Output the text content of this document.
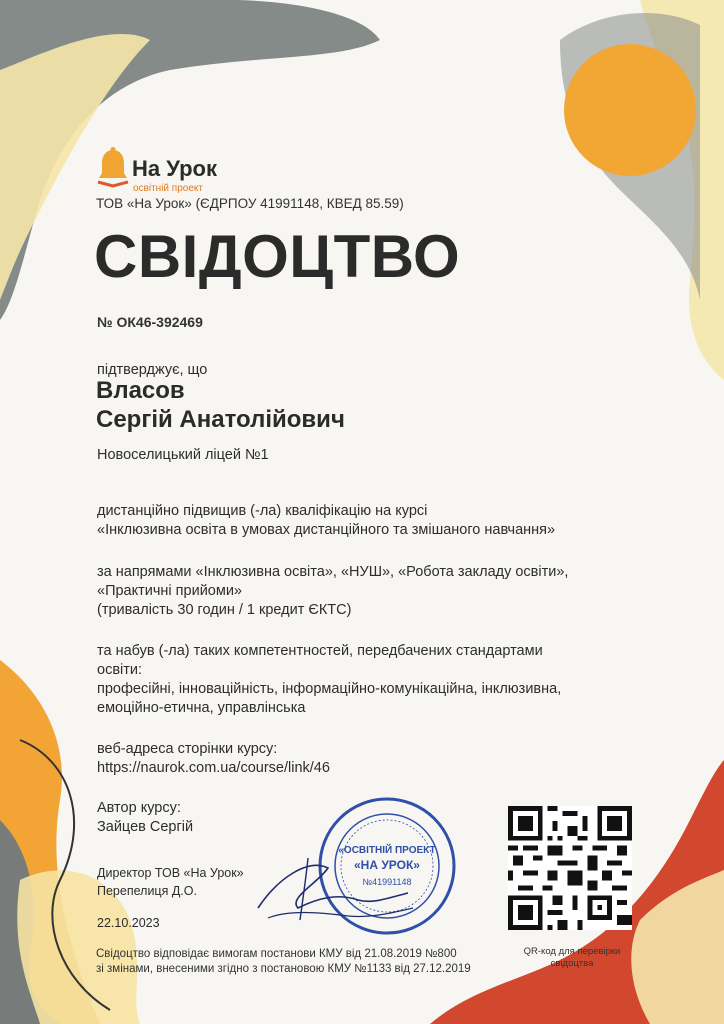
На Урок
освітній проект
ТОВ «На Урок» (ЄДРПОУ 41991148, КВЕД 85.59)
СВІДОЦТВО
№ ОК46-392469
підтверджує, що
Власов
Сергій Анатолійович
Новоселицький ліцей №1
дистанційно підвищив (-ла) кваліфікацію на курсі
«Інклюзивна освіта в умовах дистанційного та змішаного навчання»
за напрямами «Інклюзивна освіта», «НУШ», «Робота закладу освіти»,
«Практичні прийоми»
(тривалість 30 годин / 1 кредит ЄКТС)
та набув (-ла) таких компетентностей, передбачених стандартами
освіти:
професійні, інноваційність, інформаційно-комунікаційна, інклюзивна,
емоційно-етична, управлінська
веб-адреса сторінки курсу:
https://naurok.com.ua/course/link/46
Автор курсу:
Зайцев Сергій
Директор ТОВ «На Урок»
Перепелиця Д.О.
22.10.2023
Свідоцтво відповідає вимогам постанови КМУ від 21.08.2019 №800
зі змінами, внесеними згідно з постановою КМУ №1133 від 27.12.2019
«ОСВІТНІЙ ПРОЕКТ
«НА УРОК»
№41991148
QR-код для перевірки свідоцтва
